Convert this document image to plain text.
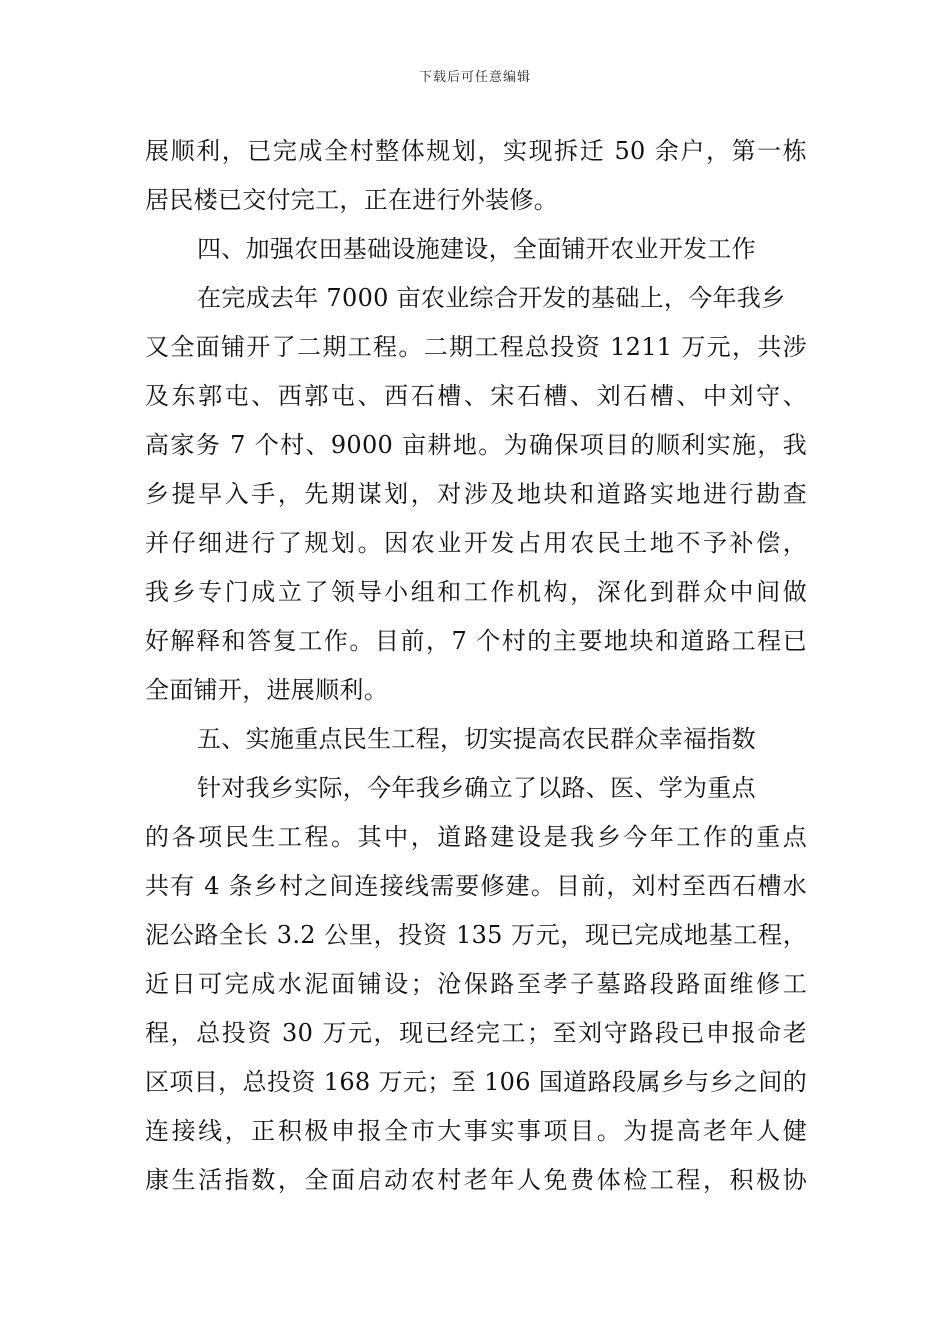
下载后可任意编辑
展顺利，已完成全村整体规划，实现拆迁 50 余户，第一栋
居民楼已交付完工，正在进行外装修。
四、加强农田基础设施建设，全面铺开农业开发工作
在完成去年 7000 亩农业综合开发的基础上，今年我乡
又全面铺开了二期工程。二期工程总投资 1211 万元，共涉
及东郭屯、西郭屯、西石槽、宋石槽、刘石槽、中刘守、
高家务 7 个村、9000 亩耕地。为确保项目的顺利实施，我
乡提早入手，先期谋划，对涉及地块和道路实地进行勘查
并仔细进行了规划。因农业开发占用农民土地不予补偿，
我乡专门成立了领导小组和工作机构，深化到群众中间做
好解释和答复工作。目前，7 个村的主要地块和道路工程已
全面铺开，进展顺利。
五、实施重点民生工程，切实提高农民群众幸福指数
针对我乡实际，今年我乡确立了以路、医、学为重点
的各项民生工程。其中，道路建设是我乡今年工作的重点
共有 4 条乡村之间连接线需要修建。目前，刘村至西石槽水
泥公路全长 3.2 公里，投资 135 万元，现已完成地基工程，
近日可完成水泥面铺设；沧保路至孝子墓路段路面维修工
程，总投资 30 万元，现已经完工；至刘守路段已申报命老
区项目，总投资 168 万元；至 106 国道路段属乡与乡之间的
连接线，正积极申报全市大事实事项目。为提高老年人健
康生活指数，全面启动农村老年人免费体检工程，积极协
